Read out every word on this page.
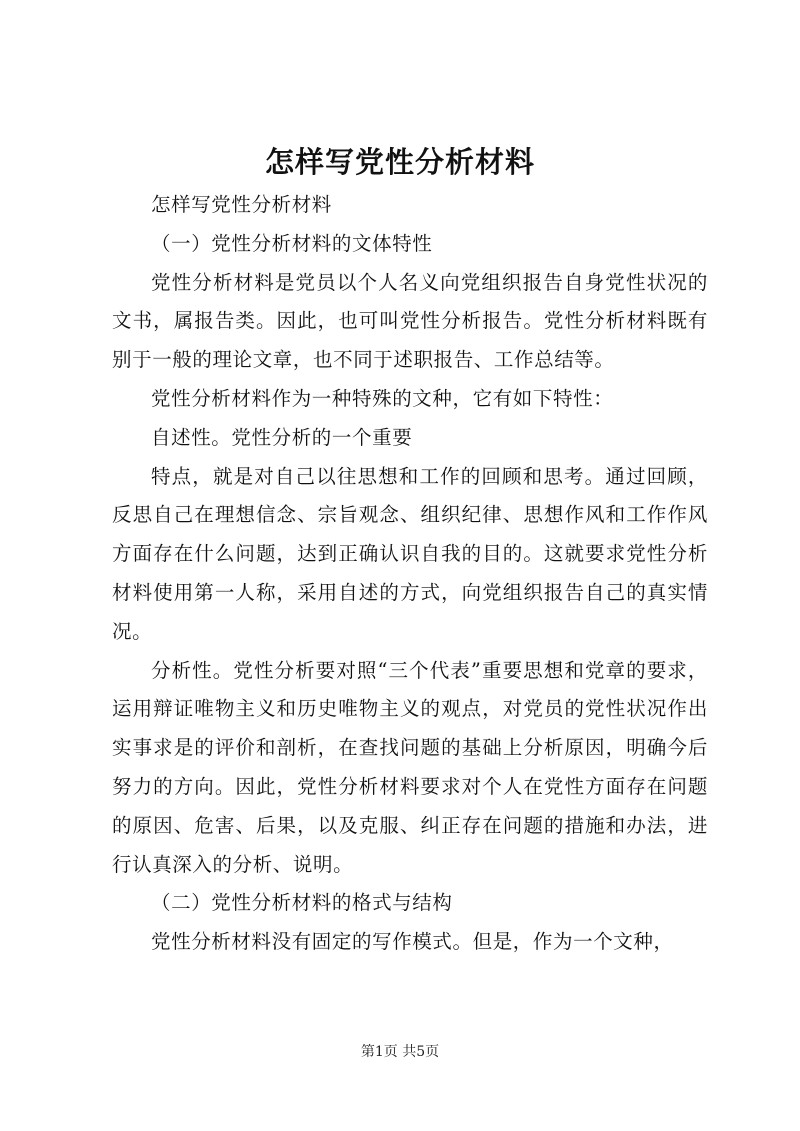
怎样写党性分析材料

怎样写党性分析材料

（一）党性分析材料的文体特性

党性分析材料是党员以个人名义向党组织报告自身党性状况的文书，属报告类。因此，也可叫党性分析报告。党性分析材料既有别于一般的理论文章，也不同于述职报告、工作总结等。

党性分析材料作为一种特殊的文种，它有如下特性：

自述性。党性分析的一个重要

特点，就是对自己以往思想和工作的回顾和思考。通过回顾，反思自己在理想信念、宗旨观念、组织纪律、思想作风和工作作风方面存在什么问题，达到正确认识自我的目的。这就要求党性分析材料使用第一人称，采用自述的方式，向党组织报告自己的真实情况。

分析性。党性分析要对照“三个代表”重要思想和党章的要求，运用辩证唯物主义和历史唯物主义的观点，对党员的党性状况作出实事求是的评价和剖析，在查找问题的基础上分析原因，明确今后努力的方向。因此，党性分析材料要求对个人在党性方面存在问题的原因、危害、后果，以及克服、纠正存在问题的措施和办法，进行认真深入的分析、说明。

（二）党性分析材料的格式与结构

党性分析材料没有固定的写作模式。但是，作为一个文种，

第1页 共5页
